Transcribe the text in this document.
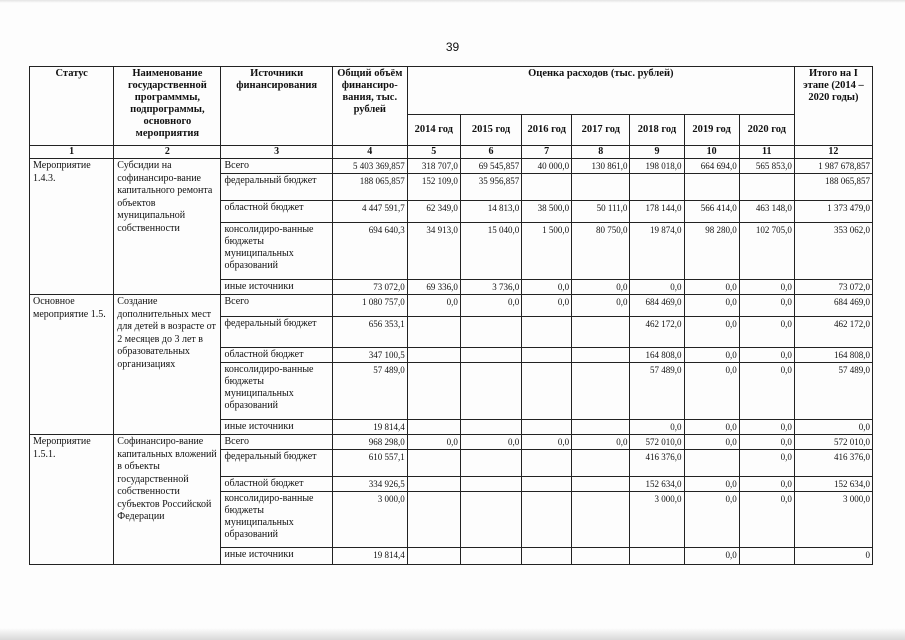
39
Статус	Наименование государственной программмы, подпрограммы, основного мероприятия	Источники финансирования	Общий объём финансиро-вания, тыс. рублей	Оценка расходов (тыс. рублей)							Итого на I этапе (2014 – 2020 годы)
				2014 год	2015 год	2016 год	2017 год	2018 год	2019 год	2020 год	
1	2	3	4	5	6	7	8	9	10	11	12
Мероприятие 1.4.3.	Субсидии на софинансиро-вание капитального ремонта объектов муниципальной собственности	Всего	5 403 369,857	318 707,0	69 545,857	40 000,0	130 861,0	198 018,0	664 694,0	565 853,0	1 987 678,857
		федеральный бюджет	188 065,857	152 109,0	35 956,857						188 065,857
		областной бюджет	4 447 591,7	62 349,0	14 813,0	38 500,0	50 111,0	178 144,0	566 414,0	463 148,0	1 373 479,0
		консолидиро-ванные бюджеты муниципальных образований	694 640,3	34 913,0	15 040,0	1 500,0	80 750,0	19 874,0	98 280,0	102 705,0	353 062,0
		иные источники	73 072,0	69 336,0	3 736,0	0,0	0,0	0,0	0,0	0,0	73 072,0
Основное мероприятие 1.5.	Создание дополнительных мест для детей в возрасте от 2 месяцев до 3 лет в образовательных организациях	Всего	1 080 757,0	0,0	0,0	0,0	0,0	684 469,0	0,0	0,0	684 469,0
		федеральный бюджет	656 353,1					462 172,0	0,0	0,0	462 172,0
		областной бюджет	347 100,5					164 808,0	0,0	0,0	164 808,0
		консолидиро-ванные бюджеты муниципальных образований	57 489,0					57 489,0	0,0	0,0	57 489,0
		иные источники	19 814,4					0,0	0,0	0,0	0,0
Мероприятие 1.5.1.	Софинансиро-вание капитальных вложений в объекты государственной собственности субъектов Российской Федерации	Всего	968 298,0	0,0	0,0	0,0	0,0	572 010,0	0,0	0,0	572 010,0
		федеральный бюджет	610 557,1					416 376,0		0,0	416 376,0
		областной бюджет	334 926,5					152 634,0	0,0	0,0	152 634,0
		консолидиро-ванные бюджеты муниципальных образований	3 000,0					3 000,0	0,0	0,0	3 000,0
		иные источники	19 814,4						0,0		0
